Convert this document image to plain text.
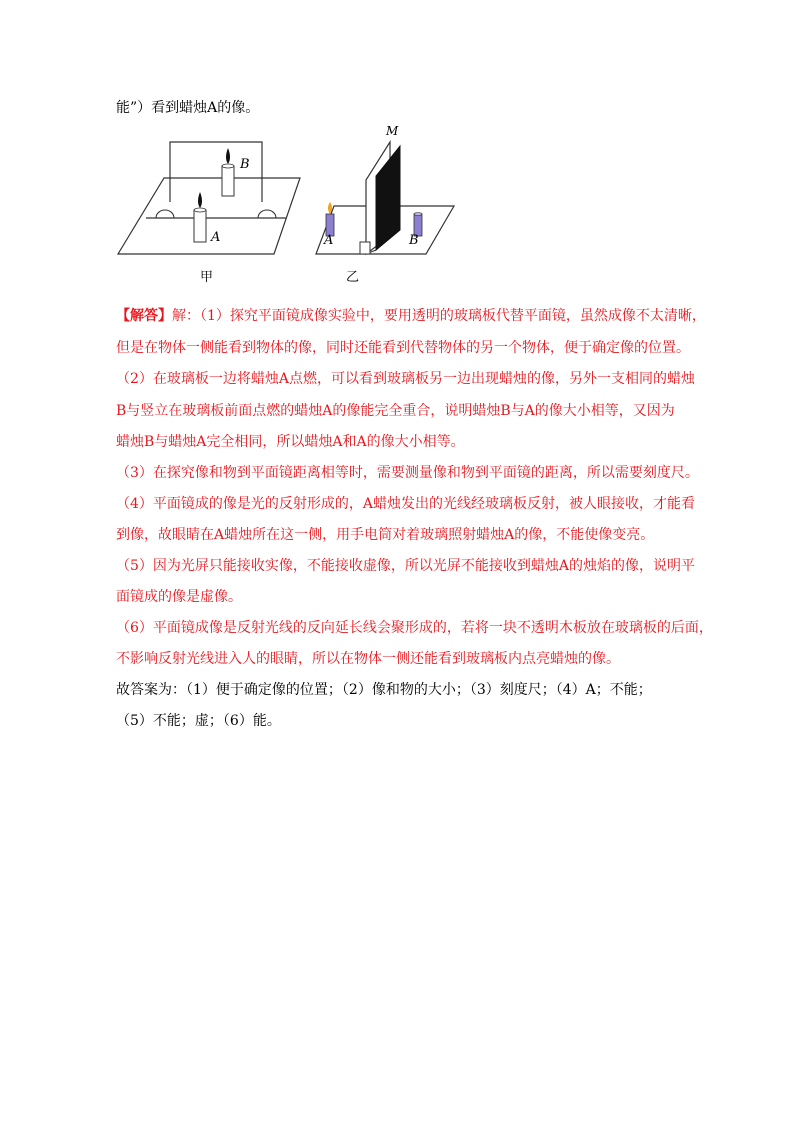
能”）看到蜡烛A的像。
B
A
甲
M
A	B
乙
【解答】解：（1）探究平面镜成像实验中，要用透明的玻璃板代替平面镜，虽然成像不太清晰，
但是在物体一侧能看到物体的像，同时还能看到代替物体的另一个物体，便于确定像的位置。
（2）在玻璃板一边将蜡烛A点燃，可以看到玻璃板另一边出现蜡烛的像，另外一支相同的蜡烛
B与竖立在玻璃板前面点燃的蜡烛A的像能完全重合，说明蜡烛B与A的像大小相等，又因为
蜡烛B与蜡烛A完全相同，所以蜡烛A和A的像大小相等。
（3）在探究像和物到平面镜距离相等时，需要测量像和物到平面镜的距离，所以需要刻度尺。
（4）平面镜成的像是光的反射形成的，A蜡烛发出的光线经玻璃板反射，被人眼接收，才能看
到像，故眼睛在A蜡烛所在这一侧，用手电筒对着玻璃照射蜡烛A的像，不能使像变亮。
（5）因为光屏只能接收实像，不能接收虚像，所以光屏不能接收到蜡烛A的烛焰的像，说明平
面镜成的像是虚像。
（6）平面镜成像是反射光线的反向延长线会聚形成的，若将一块不透明木板放在玻璃板的后面，
不影响反射光线进入人的眼睛，所以在物体一侧还能看到玻璃板内点亮蜡烛的像。
故答案为：（1）便于确定像的位置；（2）像和物的大小；（3）刻度尺；（4）A；不能；
（5）不能；虚；（6）能。
